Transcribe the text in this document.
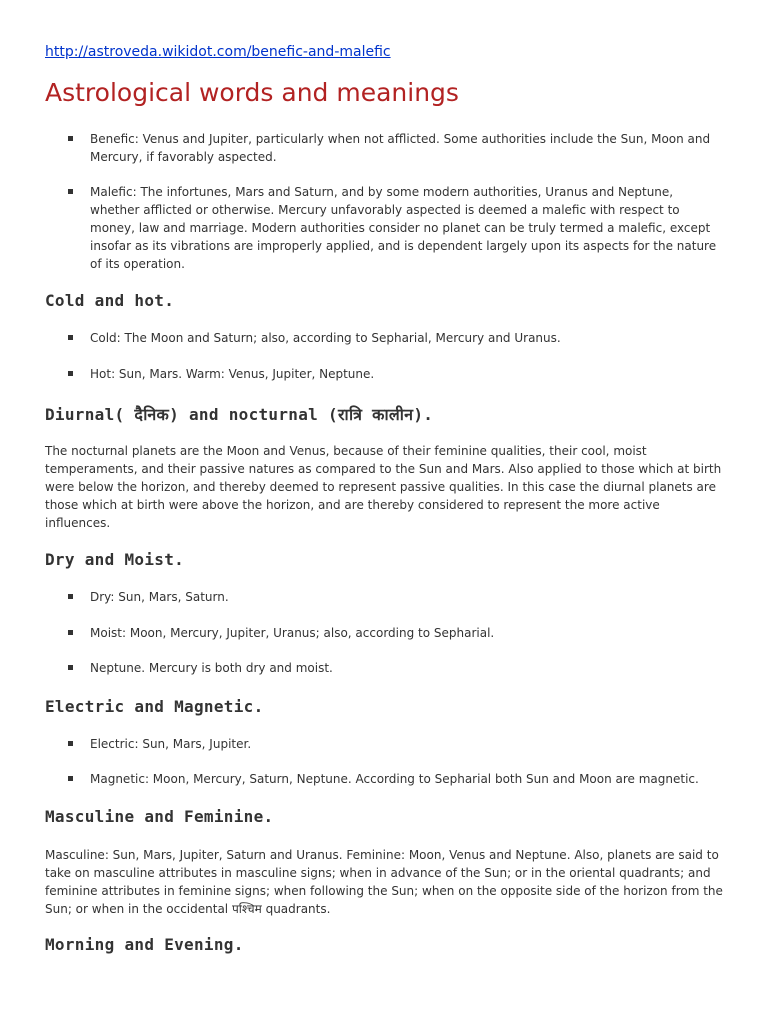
http://astroveda.wikidot.com/benefic-and-malefic
Astrological words and meanings
Benefic: Venus and Jupiter, particularly when not afflicted. Some authorities include the Sun, Moon and Mercury, if favorably aspected.
Malefic: The infortunes, Mars and Saturn, and by some modern authorities, Uranus and Neptune, whether afflicted or otherwise. Mercury unfavorably aspected is deemed a malefic with respect to money, law and marriage. Modern authorities consider no planet can be truly termed a malefic, except insofar as its vibrations are improperly applied, and is dependent largely upon its aspects for the nature of its operation.
Cold and hot.
Cold: The Moon and Saturn; also, according to Sepharial, Mercury and Uranus.
Hot: Sun, Mars. Warm: Venus, Jupiter, Neptune.
Diurnal( दैनिक) and nocturnal (रात्रि कालीन).
The nocturnal planets are the Moon and Venus, because of their feminine qualities, their cool, moist temperaments, and their passive natures as compared to the Sun and Mars. Also applied to those which at birth were below the horizon, and thereby deemed to represent passive qualities. In this case the diurnal planets are those which at birth were above the horizon, and are thereby considered to represent the more active influences.
Dry and Moist.
Dry: Sun, Mars, Saturn.
Moist: Moon, Mercury, Jupiter, Uranus; also, according to Sepharial.
Neptune. Mercury is both dry and moist.
Electric and Magnetic.
Electric: Sun, Mars, Jupiter.
Magnetic: Moon, Mercury, Saturn, Neptune. According to Sepharial both Sun and Moon are magnetic.
Masculine and Feminine.
Masculine: Sun, Mars, Jupiter, Saturn and Uranus. Feminine: Moon, Venus and Neptune. Also, planets are said to take on masculine attributes in masculine signs; when in advance of the Sun; or in the oriental quadrants; and feminine attributes in feminine signs; when following the Sun; when on the opposite side of the horizon from the Sun; or when in the occidental पश्चिम quadrants.
Morning and Evening.
